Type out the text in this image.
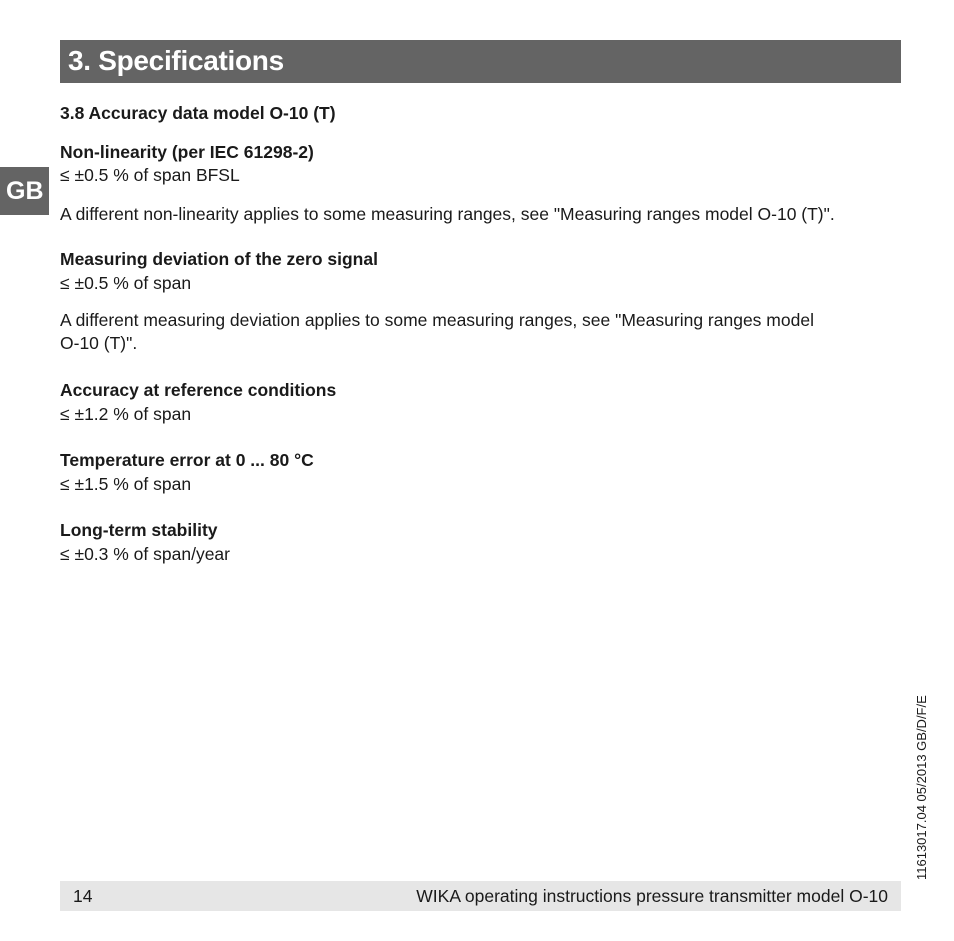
3. Specifications
GB
3.8 Accuracy data model O-10 (T)
Non-linearity (per IEC 61298-2)
≤ ±0.5 % of span BFSL
A different non-linearity applies to some measuring ranges, see "Measuring ranges model O-10 (T)".
Measuring deviation of the zero signal
≤ ±0.5 % of span
A different measuring deviation applies to some measuring ranges, see "Measuring ranges model
O-10 (T)".
Accuracy at reference conditions
≤ ±1.2 % of span
Temperature error at 0 ... 80 °C
≤ ±1.5 % of span
Long-term stability
≤ ±0.3 % of span/year
11613017.04 05/2013 GB/D/F/E
14	WIKA operating instructions pressure transmitter model O-10
